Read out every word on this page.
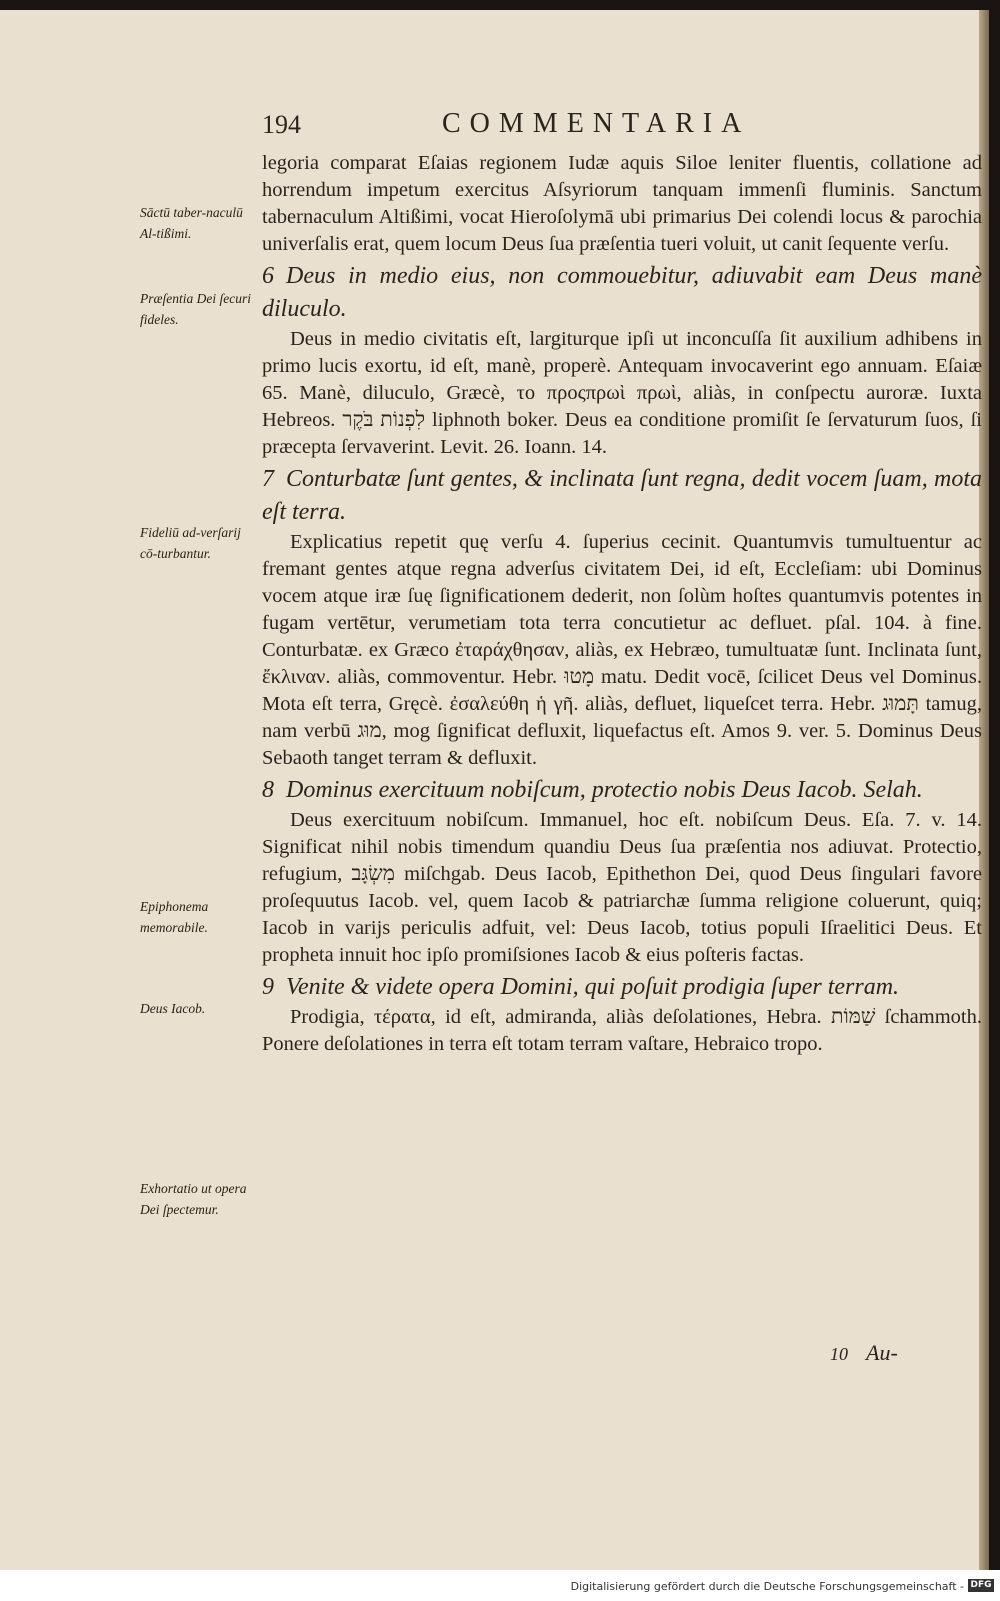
194	COMMENTARIA
Sāctū taber-naculū Al-tißimi.
Præſentia Dei ſecuri fideles.
Fideliū ad-verſarij cō-turbantur.
Epiphonema memorabile.
Deus Iacob.
Exhortatio ut opera Dei ſpectemur.

legoria comparat Eſaias regionem Iudæ aquis Siloe leniter fluentis, collatione ad horrendum impetum exercitus Aſsyriorum tanquam immenſi fluminis. Sanctum tabernaculum Altißimi, vocat Hieroſolymā ubi primarius Dei colendi locus & parochia univerſalis erat, quem locum Deus ſua præſentia tueri voluit, ut canit ſequente verſu.

6 Deus in medio eius, non commouebitur, adiuvabit eam Deus manè diluculo.

Deus in medio civitatis eſt, largiturque ipſi ut inconcuſſa ſit auxilium adhibens in primo lucis exortu, id eſt, manè, properè. Antequam invocaverint ego annuam. Eſaiæ 65. Manè, diluculo, Græcè, το προςπρωὶ πρωὶ, aliàs, in conſpectu auroræ. Iuxta Hebreos. לִפְנוֹת בֹּקֶר liphnoth boker. Deus ea conditione promiſit ſe ſervaturum ſuos, ſi præcepta ſervaverint. Levit. 26. Ioann. 14.

7 Conturbatæ ſunt gentes, & inclinata ſunt regna, dedit vocem ſuam, mota eſt terra.

Explicatius repetit quę verſu 4. ſuperius cecinit. Quantumvis tumultuentur ac fremant gentes atque regna adverſus civitatem Dei, id eſt, Eccleſiam: ubi Dominus vocem atque iræ ſuę ſignificationem dederit, non ſolùm hoſtes quantumvis potentes in fugam vertētur, verumetiam tota terra concutietur ac defluet. pſal. 104. à fine. Conturbatæ. ex Græco ἐταράχθησαν, aliàs, ex Hebræo, tumultuatæ ſunt. Inclinata ſunt, ἔκλιναν. aliàs, commoventur. Hebr. מָטוּ matu. Dedit vocē, ſcilicet Deus vel Dominus. Mota eſt terra, Gręcè. ἐσαλεύθη ἡ γῆ. aliàs, defluet, liqueſcet terra. Hebr. תָּמוּג tamug, nam verbū מוּג, mog ſignificat defluxit, liquefactus eſt. Amos 9. ver. 5. Dominus Deus Sebaoth tanget terram & defluxit.

8 Dominus exercituum nobiſcum, protectio nobis Deus Iacob. Selah.

Deus exercituum nobiſcum. Immanuel, hoc eſt. nobiſcum Deus. Eſa. 7. v. 14. Significat nihil nobis timendum quandiu Deus ſua præſentia nos adiuvat. Protectio, refugium, מִשְׂגָּב miſchgab. Deus Iacob, Epithethon Dei, quod Deus ſingulari favore proſequutus Iacob. vel, quem Iacob & patriarchæ ſumma religione coluerunt, quiq; Iacob in varijs periculis adfuit, vel: Deus Iacob, totius populi Iſraelitici Deus. Et propheta innuit hoc ipſo promiſsiones Iacob & eius poſteris factas.

9 Venite & videte opera Domini, qui poſuit prodigia ſuper terram.

Prodigia, τέρατα, id eſt, admiranda, aliàs deſolationes, Hebra. שַׁמּוֹת ſchammoth. Ponere deſolationes in terra eſt totam terram vaſtare, Hebraico tropo.

10 Au-
Digitalisierung gefördert durch die Deutsche Forschungsgemeinschaft - DFG
